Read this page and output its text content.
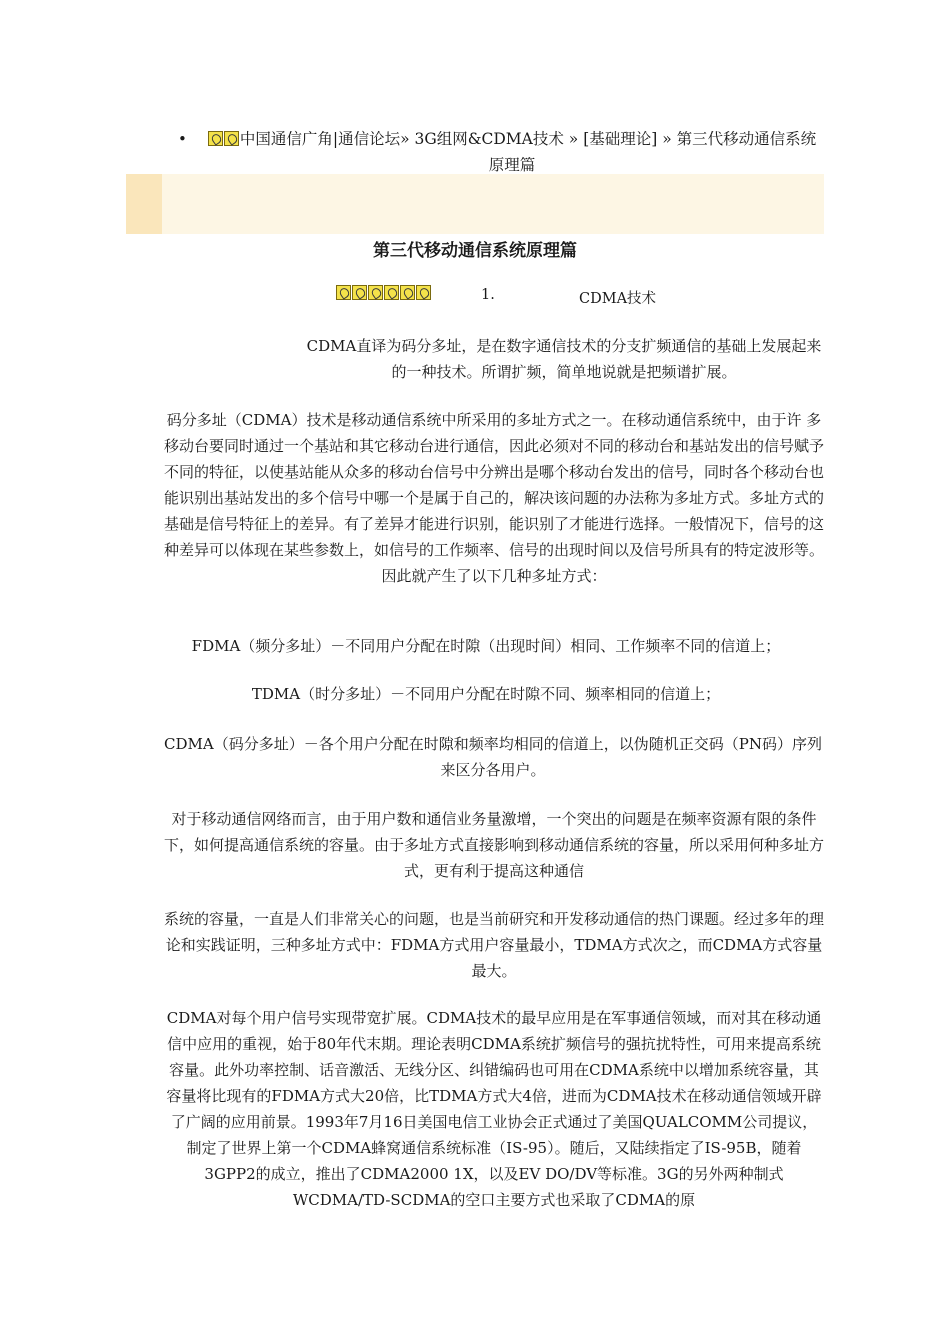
•	中国通信广角|通信论坛» 3G组网&CDMA技术 » [基础理论] » 第三代移动通信系统原理篇
第三代移动通信系统原理篇
1.	CDMA技术
CDMA直译为码分多址，是在数字通信技术的分支扩频通信的基础上发展起来的一种技术。所谓扩频，简单地说就是把频谱扩展。
码分多址（CDMA）技术是移动通信系统中所采用的多址方式之一。在移动通信系统中，由于许 多移动台要同时通过一个基站和其它移动台进行通信，因此必须对不同的移动台和基站发出的信号赋予不同的特征，以使基站能从众多的移动台信号中分辨出是哪个移动台发出的信号，同时各个移动台也能识别出基站发出的多个信号中哪一个是属于自己的，解决该问题的办法称为多址方式。多址方式的基础是信号特征上的差异。有了差异才能进行识别，能识别了才能进行选择。一般情况下，信号的这种差异可以体现在某些参数上，如信号的工作频率、信号的出现时间以及信号所具有的特定波形等。因此就产生了以下几种多址方式：
FDMA（频分多址）－不同用户分配在时隙（出现时间）相同、工作频率不同的信道上；
TDMA（时分多址）－不同用户分配在时隙不同、频率相同的信道上；
CDMA（码分多址）－各个用户分配在时隙和频率均相同的信道上，以伪随机正交码（PN码）序列来区分各用户。
对于移动通信网络而言，由于用户数和通信业务量激增，一个突出的问题是在频率资源有限的条件下，如何提高通信系统的容量。由于多址方式直接影响到移动通信系统的容量，所以采用何种多址方式，更有利于提高这种通信
系统的容量，一直是人们非常关心的问题，也是当前研究和开发移动通信的热门课题。经过多年的理论和实践证明，三种多址方式中：FDMA方式用户容量最小，TDMA方式次之，而CDMA方式容量最大。
CDMA对每个用户信号实现带宽扩展。CDMA技术的最早应用是在军事通信领域，而对其在移动通信中应用的重视，始于80年代末期。理论表明CDMA系统扩频信号的强抗扰特性，可用来提高系统容量。此外功率控制、话音激活、无线分区、纠错编码也可用在CDMA系统中以增加系统容量，其容量将比现有的FDMA方式大20倍，比TDMA方式大4倍，进而为CDMA技术在移动通信领域开辟了广阔的应用前景。1993年7月16日美国电信工业协会正式通过了美国QUALCOMM公司提议，制定了世界上第一个CDMA蜂窝通信系统标准（IS-95）。随后，又陆续指定了IS-95B，随着3GPP2的成立，推出了CDMA2000 1X，以及EV DO/DV等标准。3G的另外两种制式WCDMA/TD-SCDMA的空口主要方式也采取了CDMA的原
